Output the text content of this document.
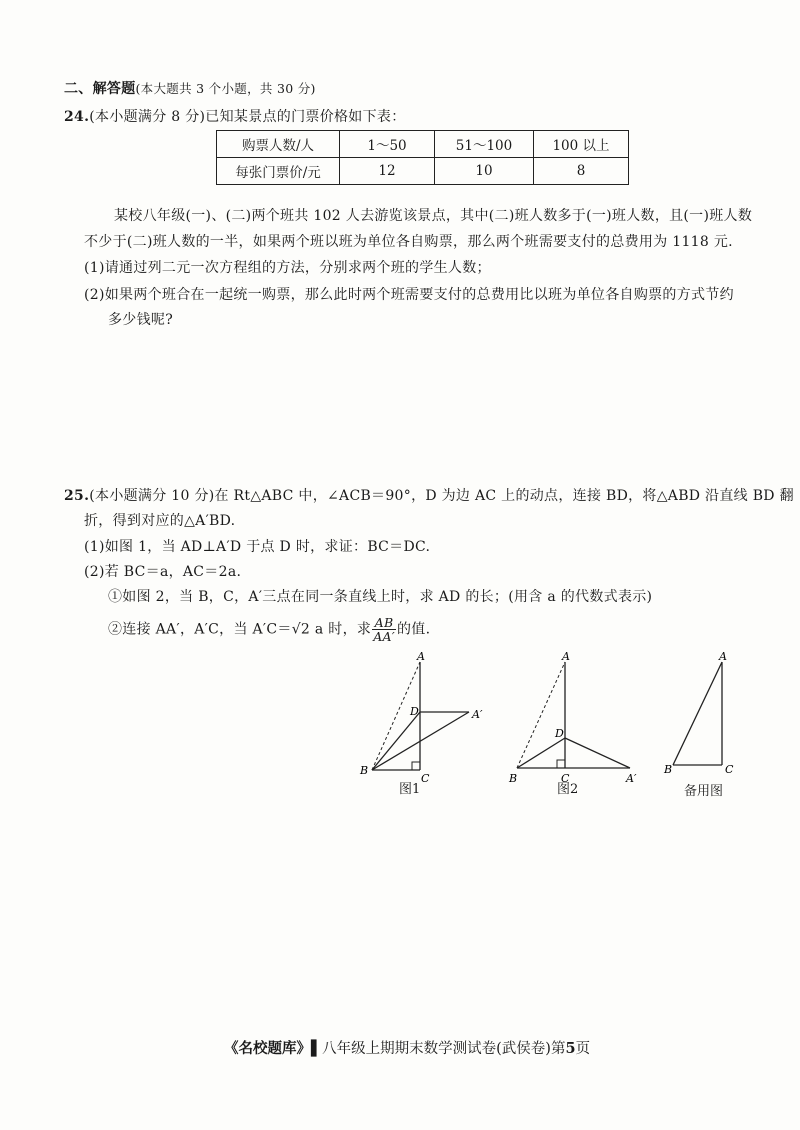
二、解答题(本大题共 3 个小题，共 30 分)
24.(本小题满分 8 分)已知某景点的门票价格如下表：
购票人数/人	1～50	51～100	100 以上
每张门票价/元	12	10	8
某校八年级(一)、(二)两个班共 102 人去游览该景点，其中(二)班人数多于(一)班人数，且(一)班人数
不少于(二)班人数的一半，如果两个班以班为单位各自购票，那么两个班需要支付的总费用为 1118 元.
(1)请通过列二元一次方程组的方法，分别求两个班的学生人数；
(2)如果两个班合在一起统一购票，那么此时两个班需要支付的总费用比以班为单位各自购票的方式节约
多少钱呢?
25.(本小题满分 10 分)在 Rt△ABC 中，∠ACB＝90°，D 为边 AC 上的动点，连接 BD，将△ABD 沿直线 BD 翻
折，得到对应的△A′BD.
(1)如图 1，当 AD⊥A′D 于点 D 时，求证：BC＝DC.
(2)若 BC＝a，AC＝2a.
①如图 2，当 B，C，A′三点在同一条直线上时，求 AD 的长；(用含 a 的代数式表示)
②连接 AA′，A′C，当 A′C＝√2 a 时，求 $\frac{AB}{AA'}$ 的值.
A
D	A′
B
C
图1
A
D
A′
B	C
图2
A
B	C
备用图
《名校题库》▌八年级上期期末数学测试卷(武侯卷)第5页
